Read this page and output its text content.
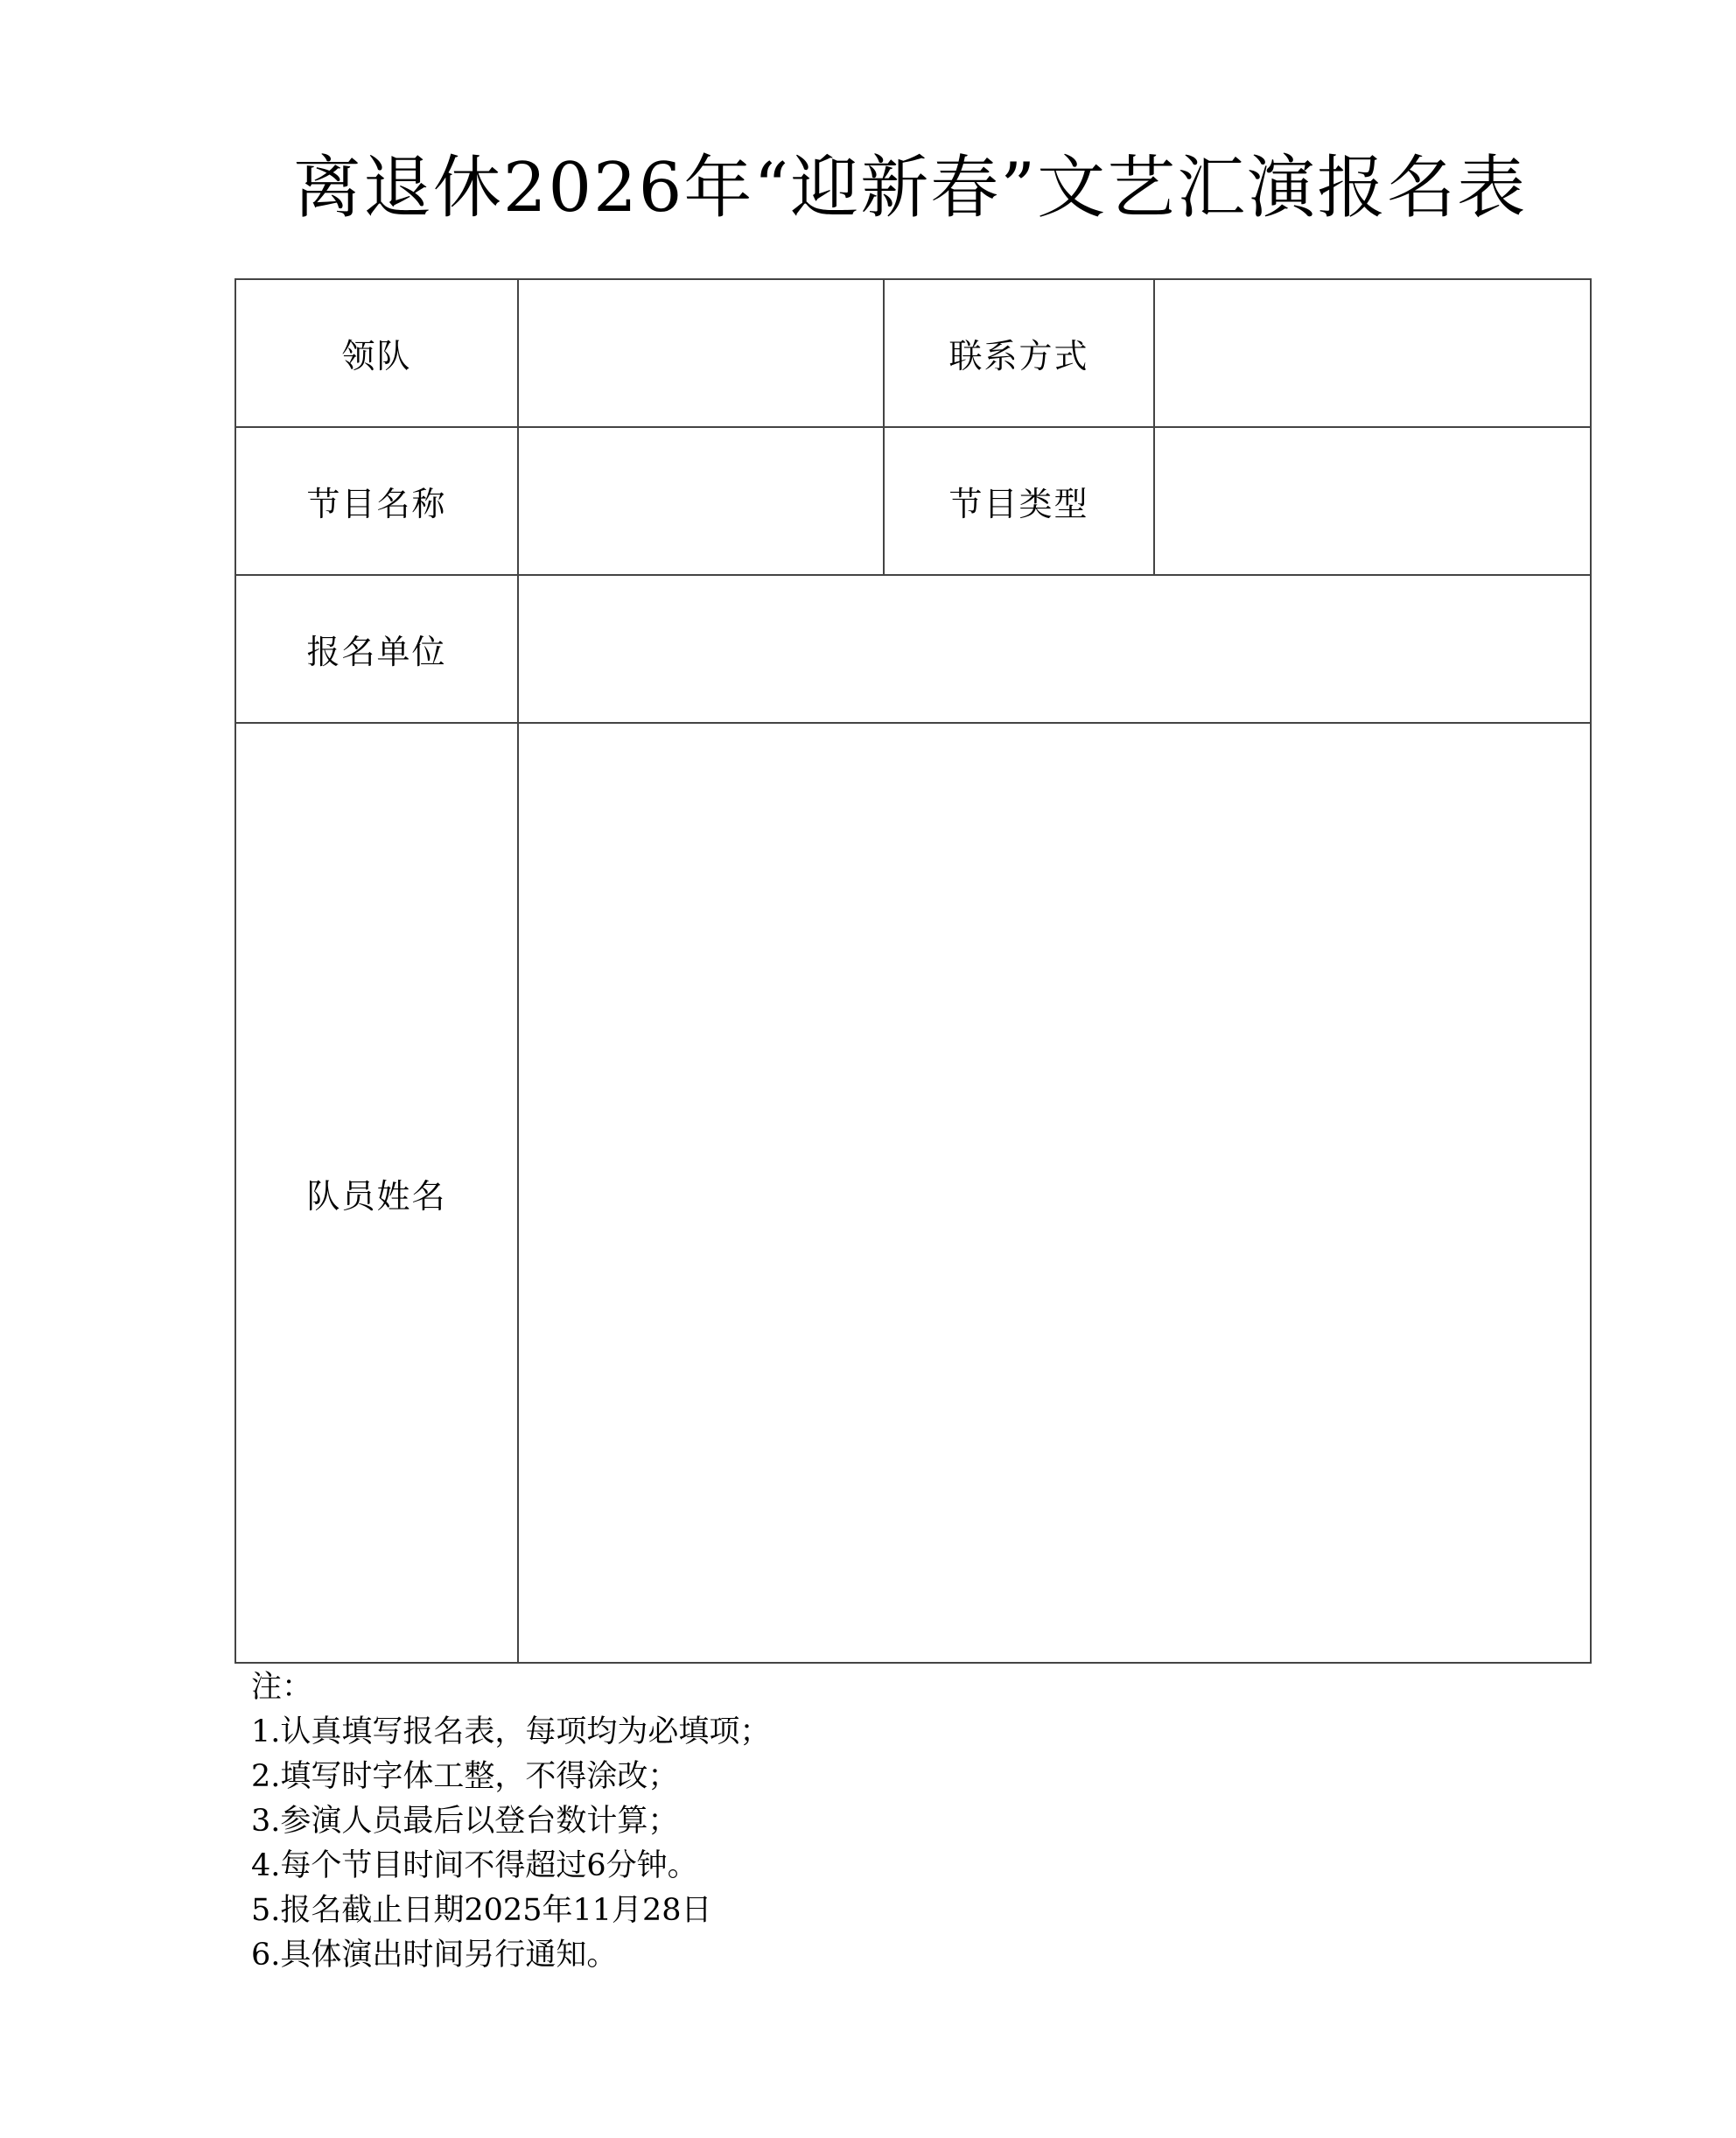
离退休2026年“迎新春”文艺汇演报名表
领队		联系方式	
节目名称		节目类型	
报名单位			
队员姓名			
注：
1.认真填写报名表，每项均为必填项；
2.填写时字体工整，不得涂改；
3.参演人员最后以登台数计算；
4.每个节目时间不得超过6分钟。
5.报名截止日期2025年11月28日
6.具体演出时间另行通知。
